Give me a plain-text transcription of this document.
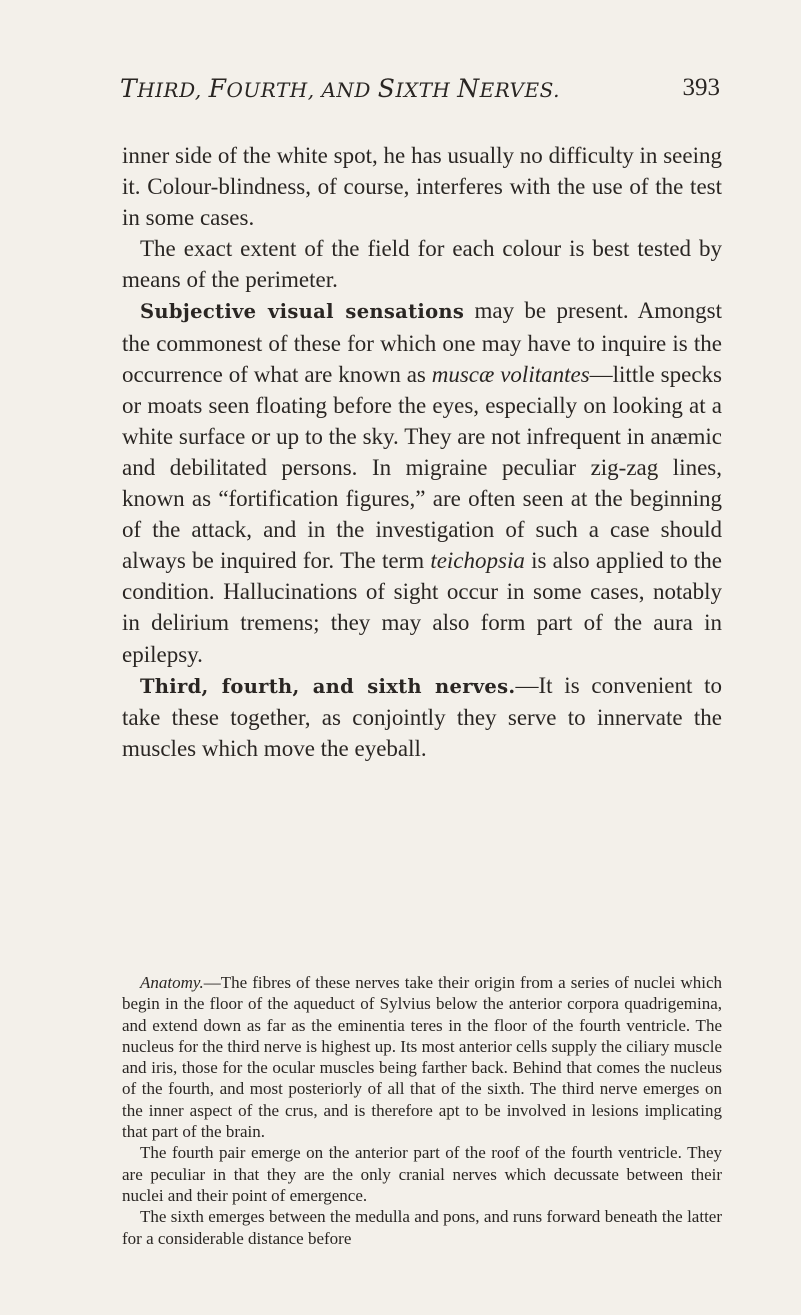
THIRD, FOURTH, AND SIXTH NERVES.	393

inner side of the white spot, he has usually no difficulty in seeing it. Colour-blindness, of course, interferes with the use of the test in some cases.

The exact extent of the field for each colour is best tested by means of the perimeter.

Subjective visual sensations may be present. Amongst the commonest of these for which one may have to inquire is the occurrence of what are known as muscæ volitantes—little specks or moats seen floating before the eyes, especially on looking at a white surface or up to the sky. They are not infrequent in anæmic and debilitated persons. In migraine peculiar zig-zag lines, known as “fortification figures,” are often seen at the beginning of the attack, and in the investigation of such a case should always be inquired for. The term teichopsia is also applied to the condition. Hallucinations of sight occur in some cases, notably in delirium tremens; they may also form part of the aura in epilepsy.

Third, fourth, and sixth nerves.—It is convenient to take these together, as conjointly they serve to innervate the muscles which move the eyeball.

Anatomy.—The fibres of these nerves take their origin from a series of nuclei which begin in the floor of the aqueduct of Sylvius below the anterior corpora quadrigemina, and extend down as far as the eminentia teres in the floor of the fourth ventricle. The nucleus for the third nerve is highest up. Its most anterior cells supply the ciliary muscle and iris, those for the ocular muscles being farther back. Behind that comes the nucleus of the fourth, and most posteriorly of all that of the sixth. The third nerve emerges on the inner aspect of the crus, and is therefore apt to be involved in lesions implicating that part of the brain.

The fourth pair emerge on the anterior part of the roof of the fourth ventricle. They are peculiar in that they are the only cranial nerves which decussate between their nuclei and their point of emergence.

The sixth emerges between the medulla and pons, and runs forward beneath the latter for a considerable distance before
